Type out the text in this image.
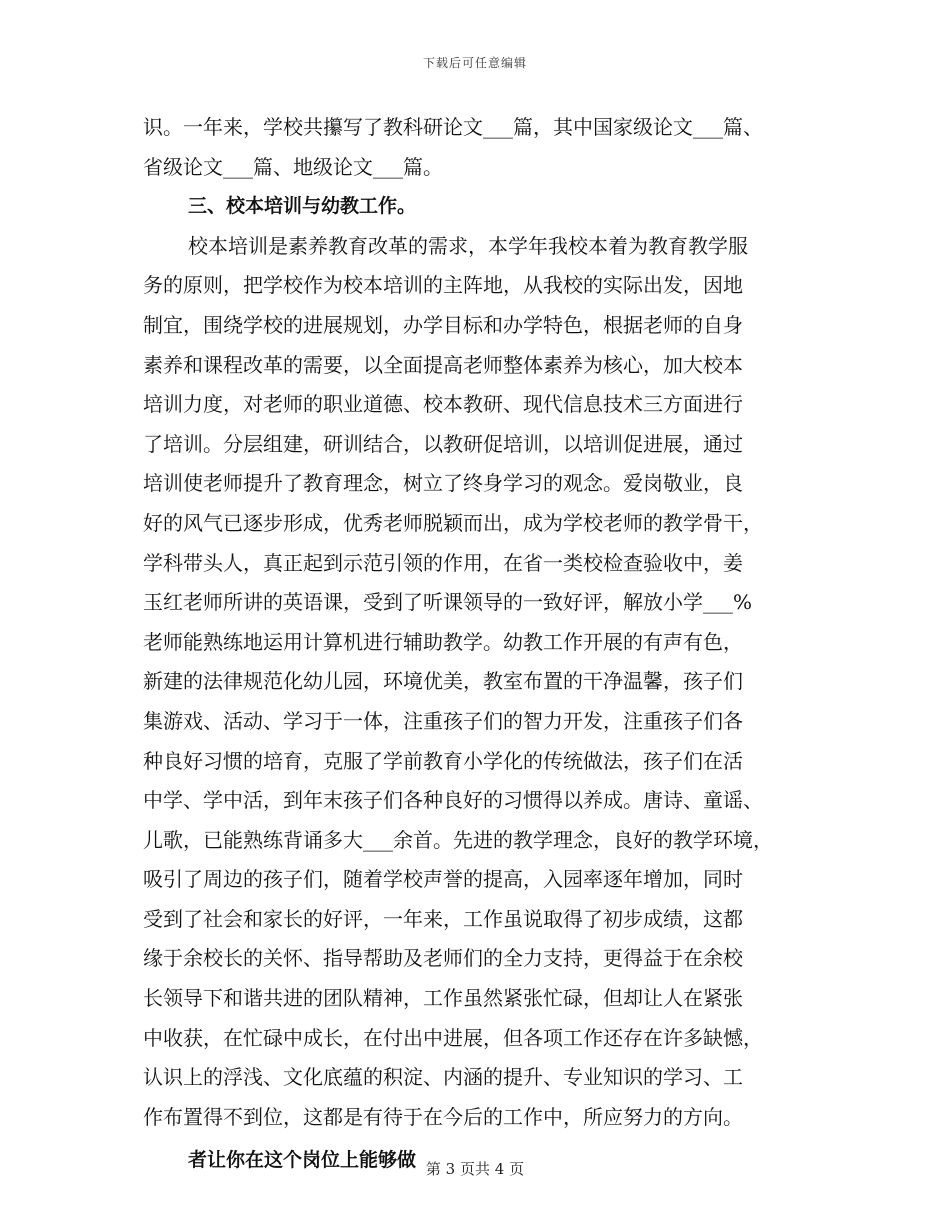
下载后可任意编辑
识。一年来，学校共攥写了教科研论文___篇，其中国家级论文___篇、
省级论文___篇、地级论文___篇。
三、校本培训与幼教工作。
校本培训是素养教育改革的需求，本学年我校本着为教育教学服
务的原则，把学校作为校本培训的主阵地，从我校的实际出发，因地
制宜，围绕学校的进展规划，办学目标和办学特色，根据老师的自身
素养和课程改革的需要，以全面提高老师整体素养为核心，加大校本
培训力度，对老师的职业道德、校本教研、现代信息技术三方面进行
了培训。分层组建，研训结合，以教研促培训，以培训促进展，通过
培训使老师提升了教育理念，树立了终身学习的观念。爱岗敬业，良
好的风气已逐步形成，优秀老师脱颖而出，成为学校老师的教学骨干，
学科带头人，真正起到示范引领的作用，在省一类校检查验收中，姜
玉红老师所讲的英语课，受到了听课领导的一致好评，解放小学___%
老师能熟练地运用计算机进行辅助教学。幼教工作开展的有声有色，
新建的法律规范化幼儿园，环境优美，教室布置的干净温馨，孩子们
集游戏、活动、学习于一体，注重孩子们的智力开发，注重孩子们各
种良好习惯的培育，克服了学前教育小学化的传统做法，孩子们在活
中学、学中活，到年末孩子们各种良好的习惯得以养成。唐诗、童谣、
儿歌，已能熟练背诵多大___余首。先进的教学理念，良好的教学环境，
吸引了周边的孩子们，随着学校声誉的提高，入园率逐年增加，同时
受到了社会和家长的好评，一年来，工作虽说取得了初步成绩，这都
缘于余校长的关怀、指导帮助及老师们的全力支持，更得益于在余校
长领导下和谐共进的团队精神，工作虽然紧张忙碌，但却让人在紧张
中收获，在忙碌中成长，在付出中进展，但各项工作还存在许多缺憾，
认识上的浮浅、文化底蕴的积淀、内涵的提升、专业知识的学习、工
作布置得不到位，这都是有待于在今后的工作中，所应努力的方向。
者让你在这个岗位上能够做 第 3 页共 4 页
